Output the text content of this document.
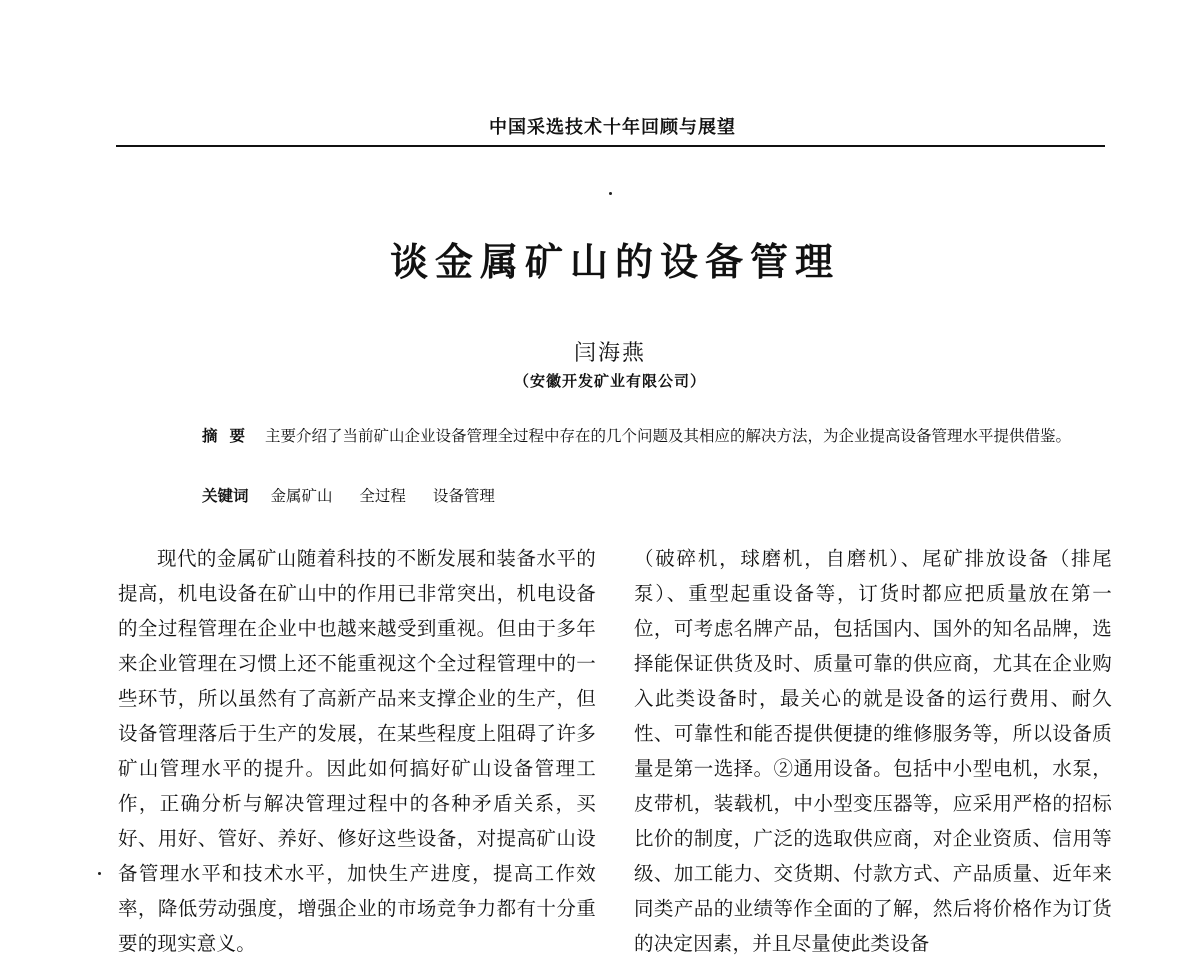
中国采选技术十年回顾与展望
谈金属矿山的设备管理
闫海燕
（安徽开发矿业有限公司）
摘要 主要介绍了当前矿山企业设备管理全过程中存在的几个问题及其相应的解决方法，为企业提高设备管理水平提供借鉴。
关键词 金属矿山 全过程 设备管理
现代的金属矿山随着科技的不断发展和装备水平的提高，机电设备在矿山中的作用已非常突出，机电设备的全过程管理在企业中也越来越受到重视。但由于多年来企业管理在习惯上还不能重视这个全过程管理中的一些环节，所以虽然有了高新产品来支撑企业的生产，但设备管理落后于生产的发展，在某些程度上阻碍了许多矿山管理水平的提升。因此如何搞好矿山设备管理工作，正确分析与解决管理过程中的各种矛盾关系，买好、用好、管好、养好、修好这些设备，对提高矿山设备管理水平和技术水平，加快生产进度，提高工作效率，降低劳动强度，增强企业的市场竞争力都有十分重要的现实意义。
（破碎机，球磨机，自磨机）、尾矿排放设备（排尾泵）、重型起重设备等，订货时都应把质量放在第一位，可考虑名牌产品，包括国内、国外的知名品牌，选择能保证供货及时、质量可靠的供应商，尤其在企业购入此类设备时，最关心的就是设备的运行费用、耐久性、可靠性和能否提供便捷的维修服务等，所以设备质量是第一选择。②通用设备。包括中小型电机，水泵，皮带机，装载机，中小型变压器等，应采用严格的招标比价的制度，广泛的选取供应商，对企业资质、信用等级、加工能力、交货期、付款方式、产品质量、近年来同类产品的业绩等作全面的了解，然后将价格作为订货的决定因素，并且尽量使此类设备
